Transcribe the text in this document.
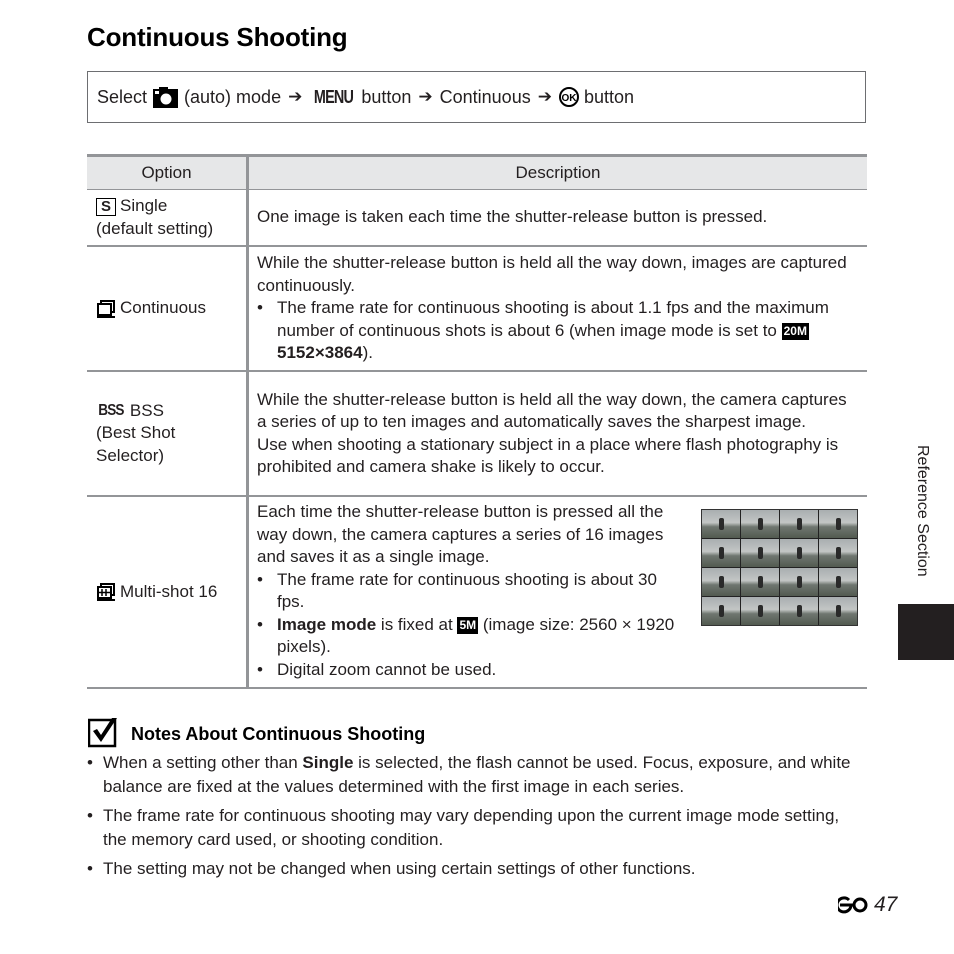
Continuous Shooting
Select (auto) mode ➔ MENU button ➔ Continuous ➔ OK button
Option	Description
S Single
(default setting)
One image is taken each time the shutter-release button is pressed.
Continuous
While the shutter-release button is held all the way down, images are captured continuously.
• The frame rate for continuous shooting is about 1.1 fps and the maximum number of continuous shots is about 6 (when image mode is set to 20M5152×3864).
BSS BSS
(Best Shot
Selector)
While the shutter-release button is held all the way down, the camera captures a series of up to ten images and automatically saves the sharpest image.
Use when shooting a stationary subject in a place where flash photography is prohibited and camera shake is likely to occur.
Multi-shot 16
Each time the shutter-release button is pressed all the way down, the camera captures a series of 16 images and saves it as a single image.
• The frame rate for continuous shooting is about 30 fps.
• Image mode is fixed at 5M (image size: 2560 × 1920 pixels).
• Digital zoom cannot be used.
Notes About Continuous Shooting
• When a setting other than Single is selected, the flash cannot be used. Focus, exposure, and white balance are fixed at the values determined with the first image in each series.
• The frame rate for continuous shooting may vary depending upon the current image mode setting, the memory card used, or shooting condition.
• The setting may not be changed when using certain settings of other functions.
Reference Section
47
